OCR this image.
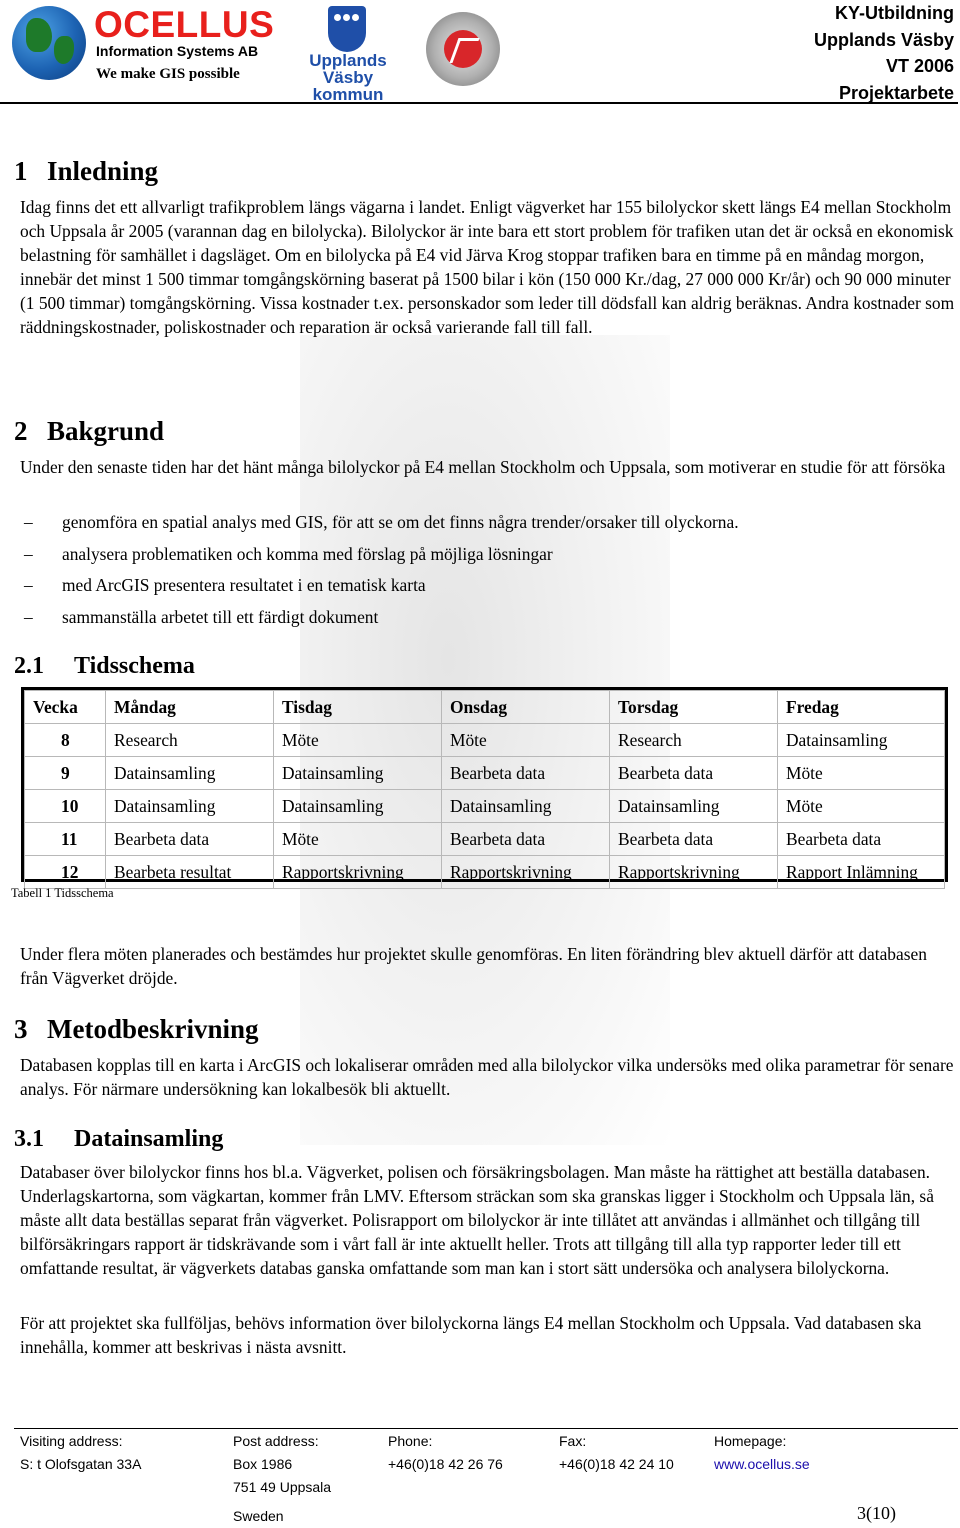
OCELLUS
Information Systems AB
We make GIS possible
Upplands Väsby
kommun
KY-Utbildning
Upplands Väsby
VT 2006
Projektarbete
1 Inledning

Idag finns det ett allvarligt trafikproblem längs vägarna i landet. Enligt vägverket har 155 bilolyckor skett längs E4 mellan Stockholm och Uppsala år 2005 (varannan dag en bilolycka). Bilolyckor är inte bara ett stort problem för trafiken utan det är också en ekonomisk belastning för samhället i dagsläget. Om en bilolycka på E4 vid Järva Krog stoppar trafiken bara en timme på en måndag morgon, innebär det minst 1 500 timmar tomgångskörning baserat på 1500 bilar i kön (150 000 Kr./dag, 27 000 000 Kr/år) och 90 000 minuter (1 500 timmar) tomgångskörning. Vissa kostnader t.ex. personskador som leder till dödsfall kan aldrig beräknas. Andra kostnader som räddningskostnader, poliskostnader och reparation är också varierande fall till fall.

2 Bakgrund

Under den senaste tiden har det hänt många bilolyckor på E4 mellan Stockholm och Uppsala, som motiverar en studie för att försöka

– genomföra en spatial analys med GIS, för att se om det finns några trender/orsaker till olyckorna.
– analysera problematiken och komma med förslag på möjliga lösningar
– med ArcGIS presentera resultatet i en tematisk karta
– sammanställa arbetet till ett färdigt dokument
2.1 Tidsschema
Vecka	Måndag	Tisdag	Onsdag	Torsdag	Fredag
8	Research	Möte	Möte	Research	Datainsamling
9	Datainsamling	Datainsamling	Bearbeta data	Bearbeta data	Möte
10	Datainsamling	Datainsamling	Datainsamling	Datainsamling	Möte
11	Bearbeta data	Möte	Bearbeta data	Bearbeta data	Bearbeta data
12	Bearbeta resultat	Rapportskrivning	Rapportskrivning	Rapportskrivning	Rapport Inlämning
Tabell 1 Tidsschema

Under flera möten planerades och bestämdes hur projektet skulle genomföras. En liten förändring blev aktuell därför att databasen från Vägverket dröjde.

3 Metodbeskrivning

Databasen kopplas till en karta i ArcGIS och lokaliserar områden med alla bilolyckor vilka undersöks med olika parametrar för senare analys. För närmare undersökning kan lokalbesök bli aktuellt.

3.1 Datainsamling

Databaser över bilolyckor finns hos bl.a. Vägverket, polisen och försäkringsbolagen. Man måste ha rättighet att beställa databasen. Underlagskartorna, som vägkartan, kommer från LMV. Eftersom sträckan som ska granskas ligger i Stockholm och Uppsala län, så måste allt data beställas separat från vägverket. Polisrapport om bilolyckor är inte tillåtet att användas i allmänhet och tillgång till bilförsäkringars rapport är tidskrävande som i vårt fall är inte aktuellt heller. Trots att tillgång till alla typ rapporter leder till ett omfattande resultat, är vägverkets databas ganska omfattande som man kan i stort sätt undersöka och analysera bilolyckorna.

För att projektet ska fullföljas, behövs information över bilolyckorna längs E4 mellan Stockholm och Uppsala. Vad databasen ska innehålla, kommer att beskrivas i nästa avsnitt.

Visiting address:
S: t Olofsgatan 33A
Post address:
Box 1986
751 49 Uppsala
Sweden
Phone:
+46(0)18 42 26 76
Fax:
+46(0)18 42 24 10
Homepage:
www.ocellus.se
3(10)
